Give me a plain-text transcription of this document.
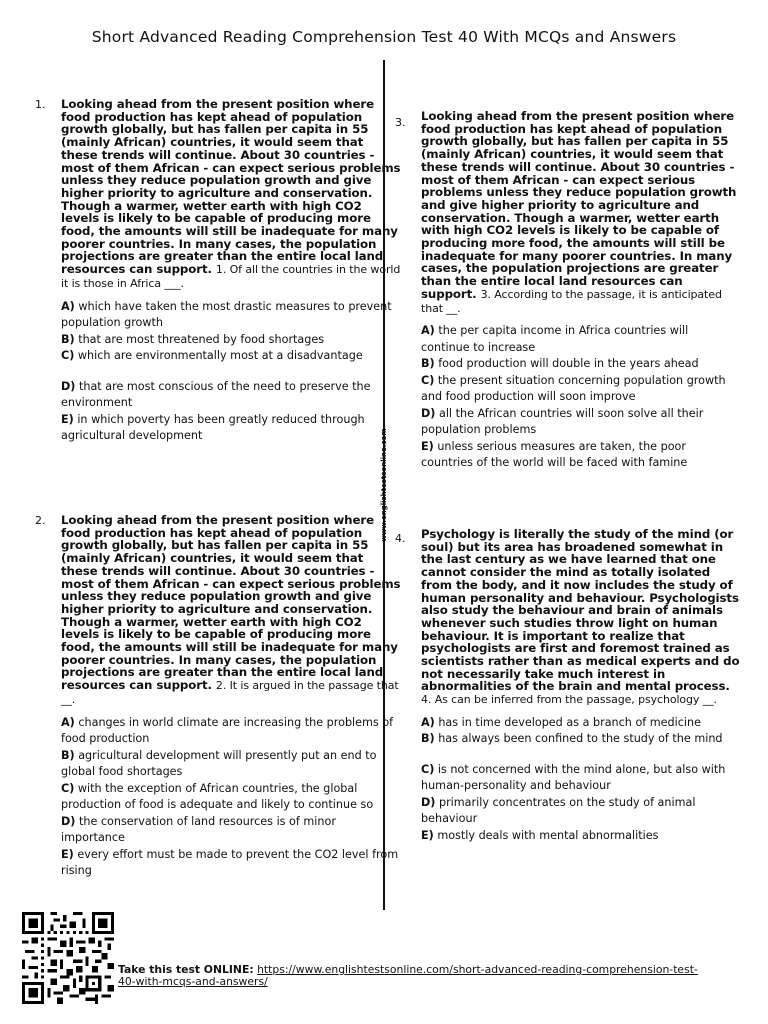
Short Advanced Reading Comprehension Test 40 With MCQs and Answers
www.englishtestsonline.com
1. Looking ahead from the present position where food production has kept ahead of population growth globally, but has fallen per capita in 55 (mainly African) countries, it would seem that these trends will continue. About 30 countries - most of them African - can expect serious problems unless they reduce population growth and give higher priority to agriculture and conservation. Though a warmer, wetter earth with high CO2 levels is likely to be capable of producing more food, the amounts will still be inadequate for many poorer countries. In many cases, the population projections are greater than the entire local land resources can support. 1. Of all the countries in the world it is those in Africa ___.

A) which have taken the most drastic measures to prevent population growth

B) that are most threatened by food shortages

C) which are environmentally most at a disadvantage

D) that are most conscious of the need to preserve the environment

E) in which poverty has been greatly reduced through agricultural development

2. Looking ahead from the present position where food production has kept ahead of population growth globally, but has fallen per capita in 55 (mainly African) countries, it would seem that these trends will continue. About 30 countries - most of them African - can expect serious problems unless they reduce population growth and give higher priority to agriculture and conservation. Though a warmer, wetter earth with high CO2 levels is likely to be capable of producing more food, the amounts will still be inadequate for many poorer countries. In many cases, the population projections are greater than the entire local land resources can support. 2. It is argued in the passage that __.

A) changes in world climate are increasing the problems of food production

B) agricultural development will presently put an end to global food shortages

C) with the exception of African countries, the global production of food is adequate and likely to continue so

D) the conservation of land resources is of minor importance

E) every effort must be made to prevent the CO2 level from rising

3. Looking ahead from the present position where food production has kept ahead of population growth globally, but has fallen per capita in 55 (mainly African) countries, it would seem that these trends will continue. About 30 countries - most of them African - can expect serious problems unless they reduce population growth and give higher priority to agriculture and conservation. Though a warmer, wetter earth with high CO2 levels is likely to be capable of producing more food, the amounts will still be inadequate for many poorer countries. In many cases, the population projections are greater than the entire local land resources can support. 3. According to the passage, it is anticipated that __.

A) the per capita income in Africa countries will continue to increase

B) food production will double in the years ahead

C) the present situation concerning population growth and food production will soon improve

D) all the African countries will soon solve all their population problems

E) unless serious measures are taken, the poor countries of the world will be faced with famine

4. Psychology is literally the study of the mind (or soul) but its area has broadened somewhat in the last century as we have learned that one cannot consider the mind as totally isolated from the body, and it now includes the study of human personality and behaviour. Psychologists also study the behaviour and brain of animals whenever such studies throw light on human behaviour. It is important to realize that psychologists are first and foremost trained as scientists rather than as medical experts and do not necessarily take much interest in abnormalities of the brain and mental process. 4. As can be inferred from the passage, psychology __.

A) has in time developed as a branch of medicine

B) has always been confined to the study of the mind

C) is not concerned with the mind alone, but also with human-personality and behaviour

D) primarily concentrates on the study of animal behaviour

E) mostly deals with mental abnormalities

Take this test ONLINE: https://www.englishtestsonline.com/short-advanced-reading-comprehension-test-40-with-mcqs-and-answers/
